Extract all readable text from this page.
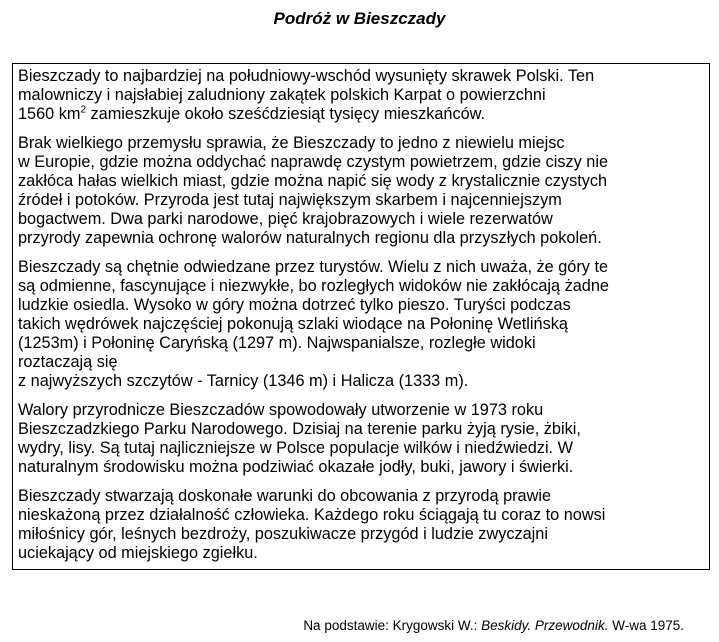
Podróż w Bieszczady

Bieszczady to najbardziej na południowy-wschód wysunięty skrawek Polski. Ten
malowniczy i najsłabiej zaludniony zakątek polskich Karpat o powierzchni
1560 $km^2$ zamieszkuje około sześćdziesiąt tysięcy mieszkańców.

Brak wielkiego przemysłu sprawia, że Bieszczady to jedno z niewielu miejsc
w Europie, gdzie można oddychać naprawdę czystym powietrzem, gdzie ciszy nie
zakłóca hałas wielkich miast, gdzie można napić się wody z krystalicznie czystych
źródeł i potoków. Przyroda jest tutaj największym skarbem i najcenniejszym
bogactwem. Dwa parki narodowe, pięć krajobrazowych i wiele rezerwatów
przyrody zapewnia ochronę walorów naturalnych regionu dla przyszłych pokoleń.

Bieszczady są chętnie odwiedzane przez turystów. Wielu z nich uważa, że góry te
są odmienne, fascynujące i niezwykłe, bo rozległych widoków nie zakłócają żadne
ludzkie osiedla. Wysoko w góry można dotrzeć tylko pieszo. Turyści podczas
takich wędrówek najczęściej pokonują szlaki wiodące na Połoninę Wetlińską
(1253m) i Połoninę Caryńską (1297 m). Najwspanialsze, rozległe widoki
roztaczają się
z najwyższych szczytów - Tarnicy (1346 m) i Halicza (1333 m).

Walory przyrodnicze Bieszczadów spowodowały utworzenie w 1973 roku
Bieszczadzkiego Parku Narodowego. Dzisiaj na terenie parku żyją rysie, żbiki,
wydry, lisy. Są tutaj najliczniejsze w Polsce populacje wilków i niedźwiedzi. W
naturalnym środowisku można podziwiać okazałe jodły, buki, jawory i świerki.

Bieszczady stwarzają doskonałe warunki do obcowania z przyrodą prawie
nieskażoną przez działalność człowieka. Każdego roku ściągają tu coraz to nowsi
miłośnicy gór, leśnych bezdroży, poszukiwacze przygód i ludzie zwyczajni
uciekający od miejskiego zgiełku.

Na podstawie: Krygowski W.: Beskidy. Przewodnik. W-wa 1975.
